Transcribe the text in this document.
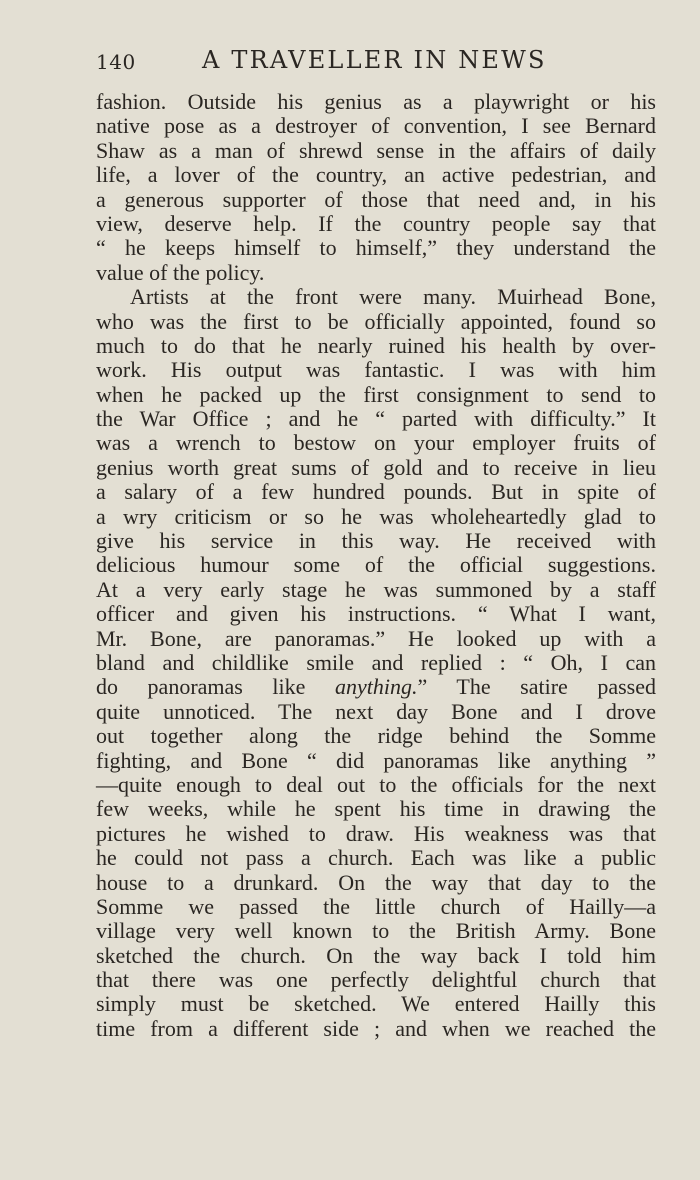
140	A TRAVELLER IN NEWS
fashion. Outside his genius as a playwright or his
native pose as a destroyer of convention, I see Bernard
Shaw as a man of shrewd sense in the affairs of daily
life, a lover of the country, an active pedestrian, and
a generous supporter of those that need and, in his
view, deserve help. If the country people say that
“ he keeps himself to himself,” they understand the
value of the policy.
Artists at the front were many. Muirhead Bone,
who was the first to be officially appointed, found so
much to do that he nearly ruined his health by over-
work. His output was fantastic. I was with him
when he packed up the first consignment to send to
the War Office ; and he “ parted with difficulty.” It
was a wrench to bestow on your employer fruits of
genius worth great sums of gold and to receive in lieu
a salary of a few hundred pounds. But in spite of
a wry criticism or so he was wholeheartedly glad to
give his service in this way. He received with
delicious humour some of the official suggestions.
At a very early stage he was summoned by a staff
officer and given his instructions. “ What I want,
Mr. Bone, are panoramas.” He looked up with a
bland and childlike smile and replied : “ Oh, I can
do panoramas like anything.” The satire passed
quite unnoticed. The next day Bone and I drove
out together along the ridge behind the Somme
fighting, and Bone “ did panoramas like anything ”
—quite enough to deal out to the officials for the next
few weeks, while he spent his time in drawing the
pictures he wished to draw. His weakness was that
he could not pass a church. Each was like a public
house to a drunkard. On the way that day to the
Somme we passed the little church of Hailly—a
village very well known to the British Army. Bone
sketched the church. On the way back I told him
that there was one perfectly delightful church that
simply must be sketched. We entered Hailly this
time from a different side ; and when we reached the
